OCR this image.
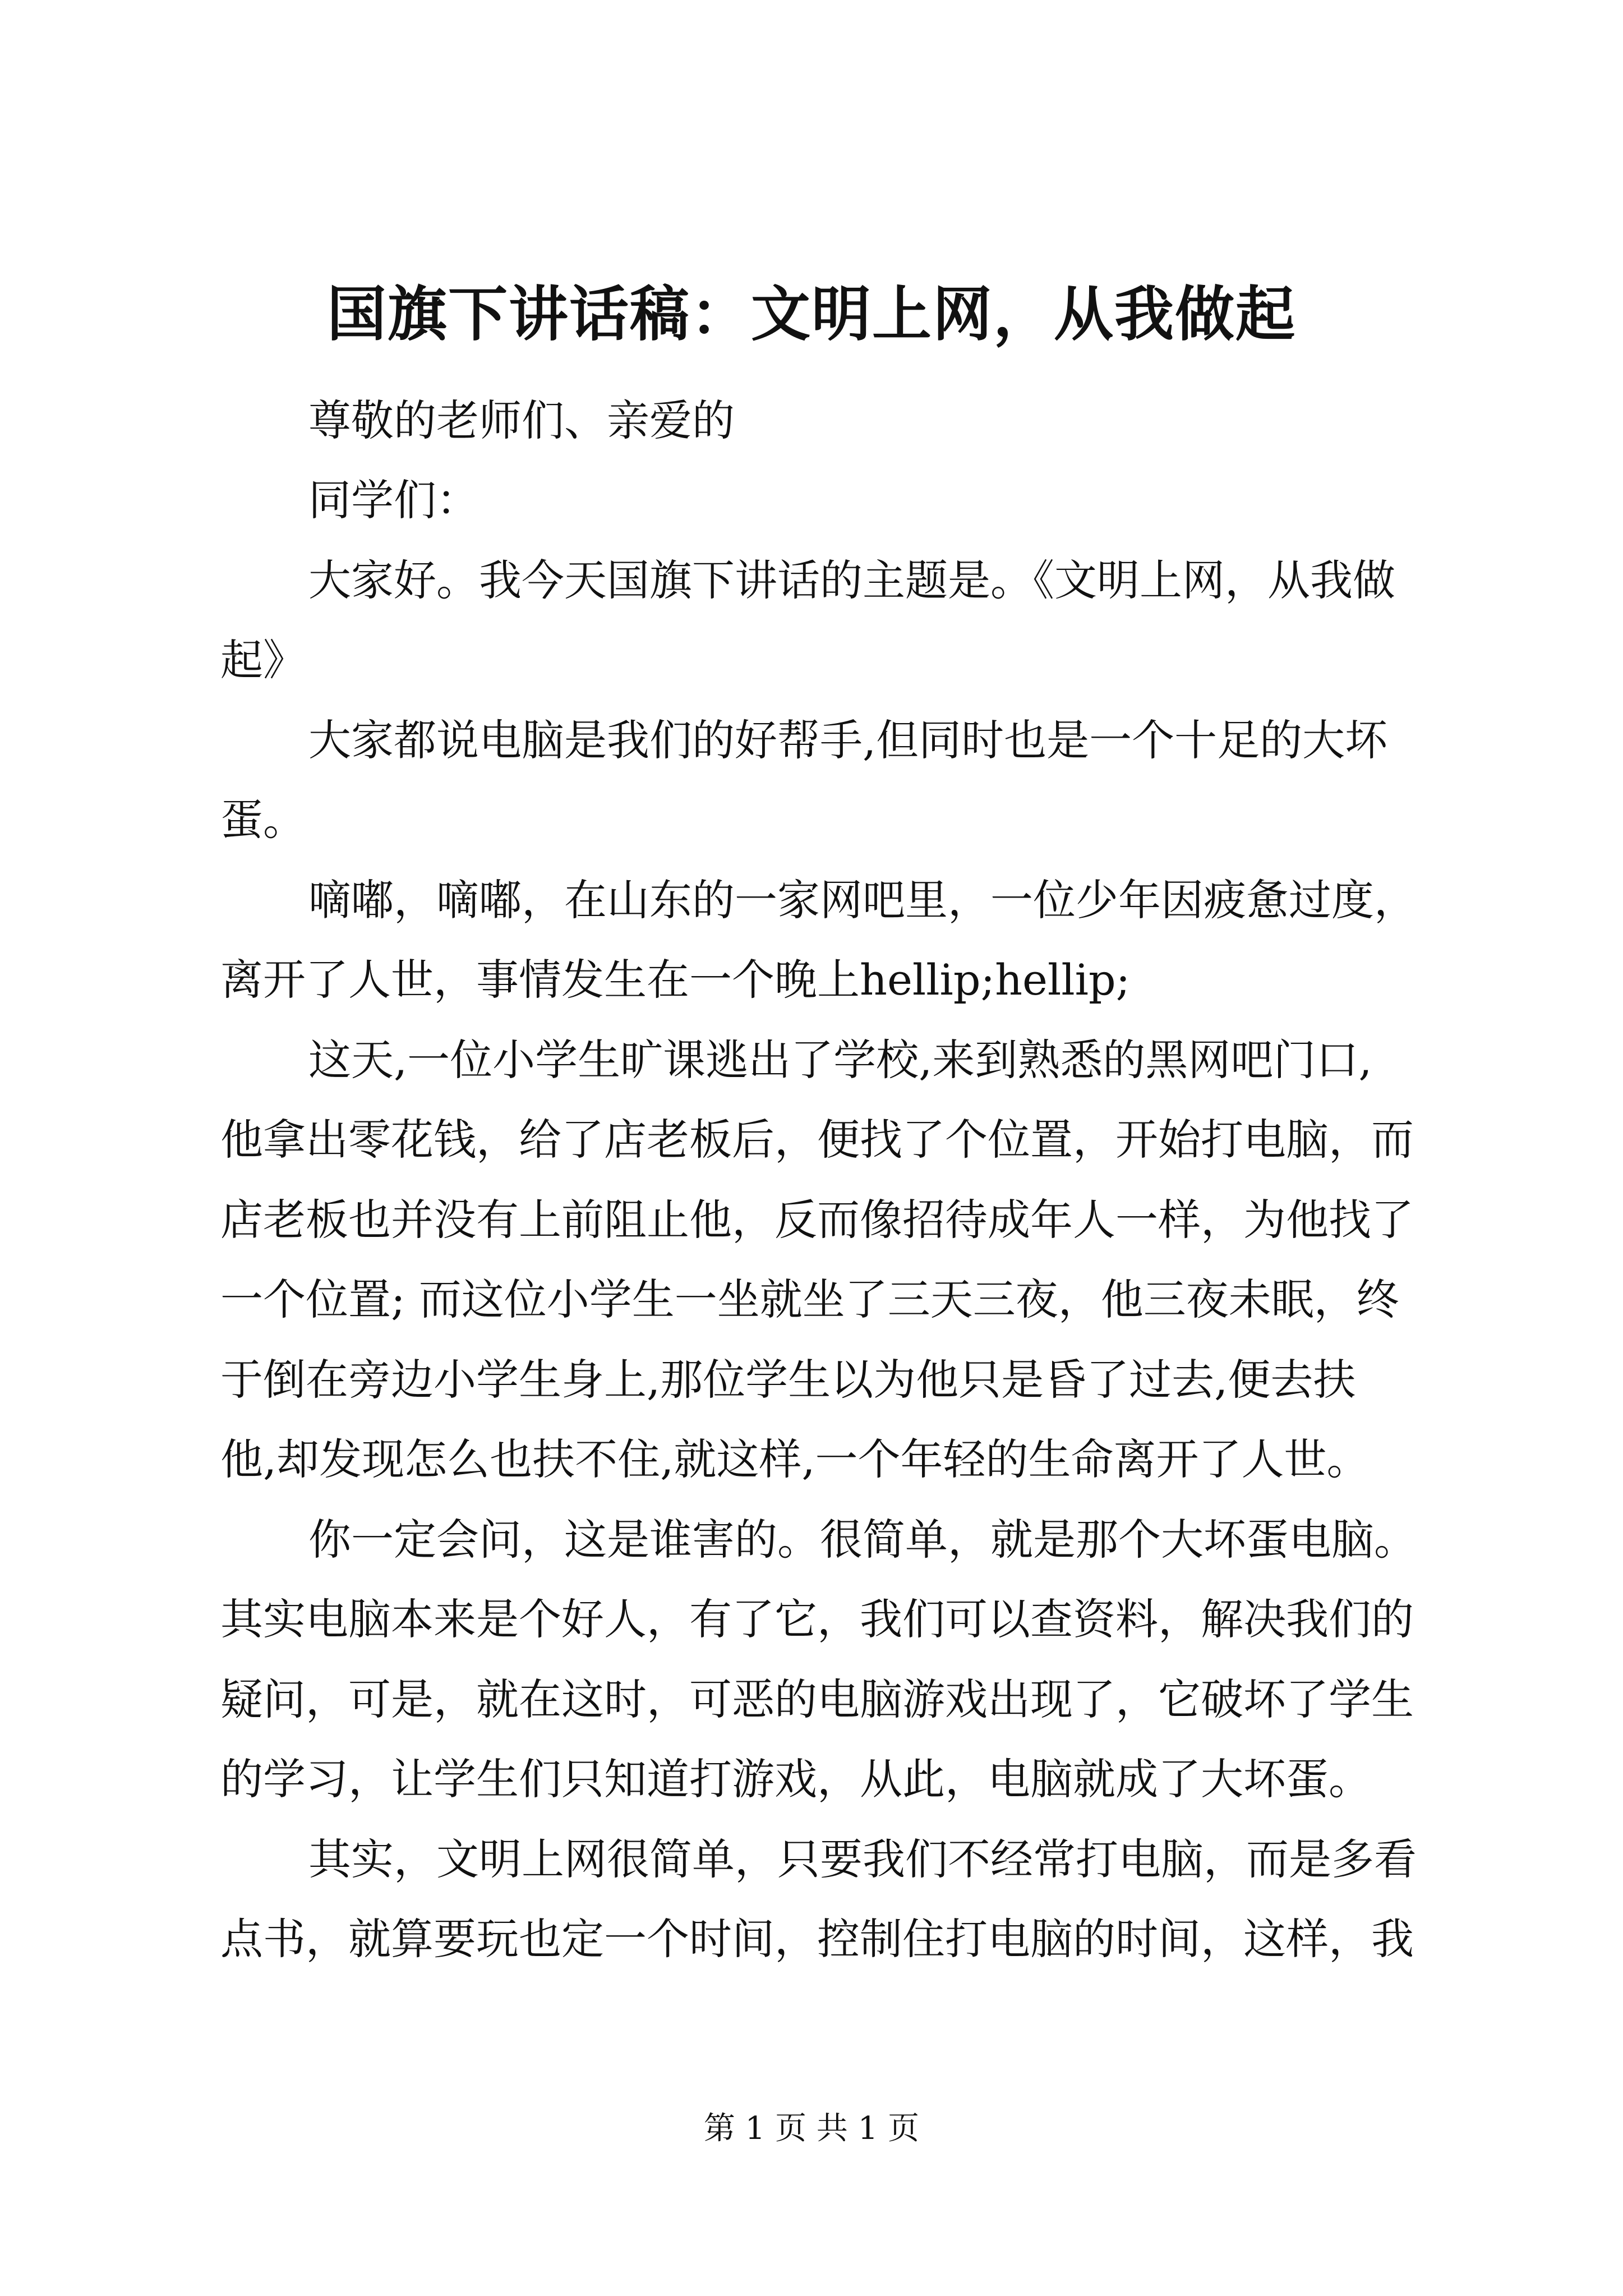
国旗下讲话稿：文明上网，从我做起

尊敬的老师们、亲爱的

同学们：

大家好。我今天国旗下讲话的主题是。《文明上网，从我做

起》

大家都说电脑是我们的好帮手,但同时也是一个十足的大坏

蛋。

嘀嘟，嘀嘟，在山东的一家网吧里，一位少年因疲惫过度，

离开了人世，事情发生在一个晚上hellip;hellip;

这天,一位小学生旷课逃出了学校,来到熟悉的黑网吧门口,

他拿出零花钱，给了店老板后，便找了个位置，开始打电脑，而

店老板也并没有上前阻止他，反而像招待成年人一样，为他找了

一个位置; 而这位小学生一坐就坐了三天三夜，他三夜未眠，终

于倒在旁边小学生身上,那位学生以为他只是昏了过去,便去扶

他,却发现怎么也扶不住,就这样,一个年轻的生命离开了人世。

你一定会问，这是谁害的。很简单，就是那个大坏蛋电脑。

其实电脑本来是个好人，有了它，我们可以查资料，解决我们的

疑问，可是，就在这时，可恶的电脑游戏出现了，它破坏了学生

的学习，让学生们只知道打游戏，从此，电脑就成了大坏蛋。

其实，文明上网很简单，只要我们不经常打电脑，而是多看

点书，就算要玩也定一个时间，控制住打电脑的时间，这样，我

第 1 页 共 1 页
